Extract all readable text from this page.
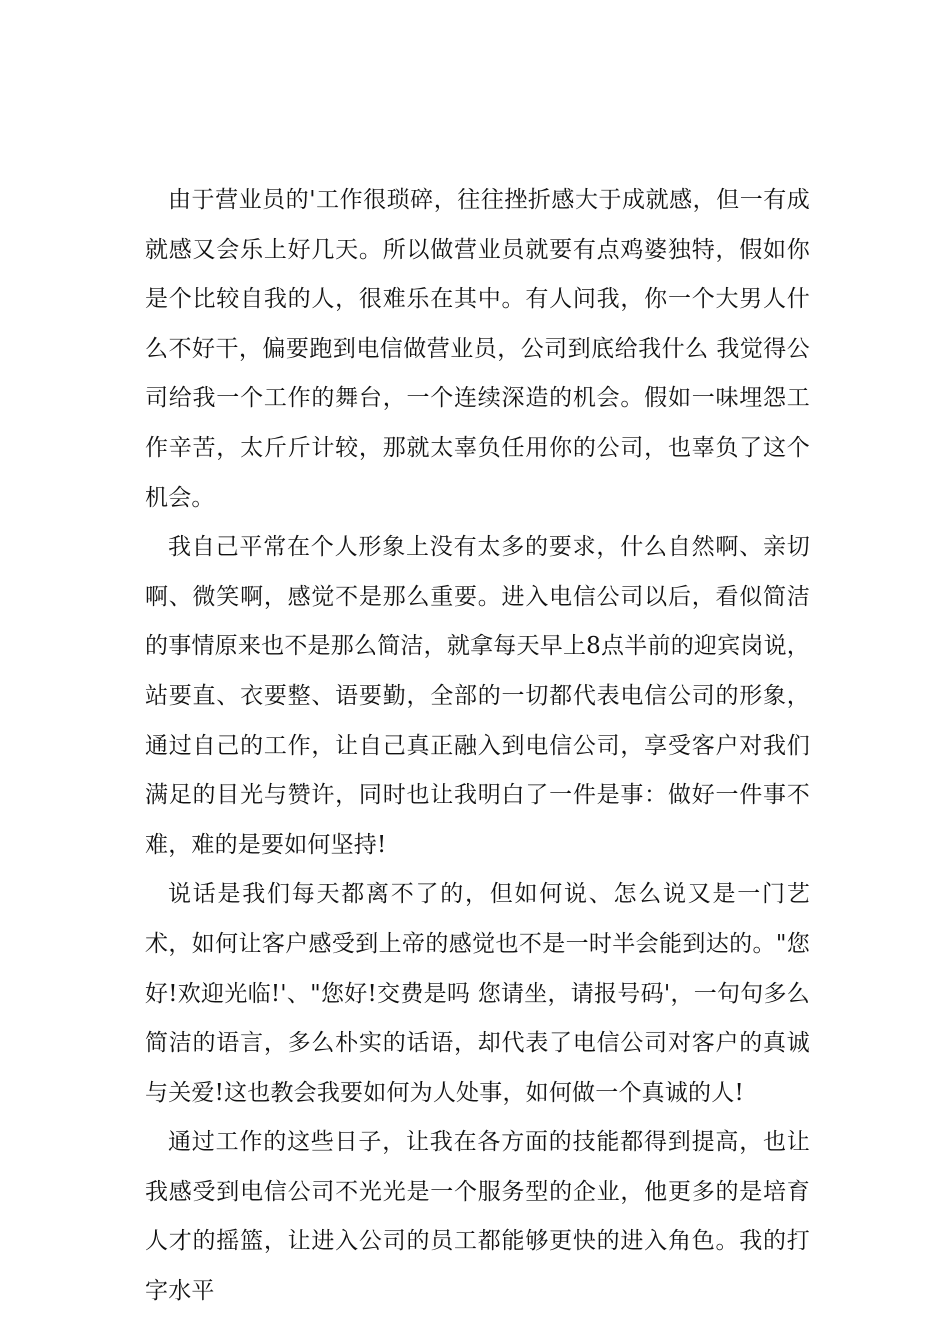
由于营业员的'工作很琐碎，往往挫折感大于成就感，但一有成就感又会乐上好几天。所以做营业员就要有点鸡婆独特，假如你是个比较自我的人，很难乐在其中。有人问我，你一个大男人什么不好干，偏要跑到电信做营业员，公司到底给我什么 我觉得公司给我一个工作的舞台，一个连续深造的机会。假如一味埋怨工作辛苦，太斤斤计较，那就太辜负任用你的公司，也辜负了这个机会。

我自己平常在个人形象上没有太多的要求，什么自然啊、亲切啊、微笑啊，感觉不是那么重要。进入电信公司以后，看似简洁的事情原来也不是那么简洁，就拿每天早上8点半前的迎宾岗说，站要直、衣要整、语要勤，全部的一切都代表电信公司的形象，通过自己的工作，让自己真正融入到电信公司，享受客户对我们满足的目光与赞许，同时也让我明白了一件是事：做好一件事不难，难的是要如何坚持!

说话是我们每天都离不了的，但如何说、怎么说又是一门艺术，如何让客户感受到上帝的感觉也不是一时半会能到达的。"您好!欢迎光临!'、"您好!交费是吗 您请坐，请报号码'，一句句多么简洁的语言，多么朴实的话语，却代表了电信公司对客户的真诚与关爱!这也教会我要如何为人处事，如何做一个真诚的人!

通过工作的这些日子，让我在各方面的技能都得到提高，也让我感受到电信公司不光光是一个服务型的企业，他更多的是培育人才的摇篮，让进入公司的员工都能够更快的进入角色。我的打字水平
